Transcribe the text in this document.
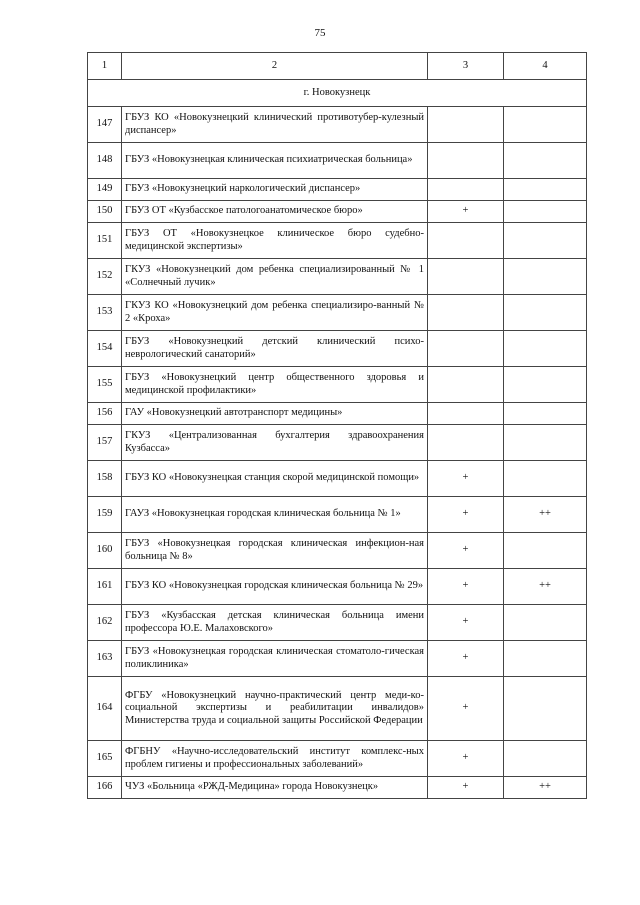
75
1	2	3	4
г. Новокузнецк			
147	ГБУЗ КО «Новокузнецкий клинический противотубер-кулезный диспансер»		
148	ГБУЗ «Новокузнецкая клиническая психиатрическая больница»		
149	ГБУЗ «Новокузнецкий наркологический диспансер»		
150	ГБУЗ ОТ «Кузбасское патологоанатомическое бюро»	+	
151	ГБУЗ ОТ «Новокузнецкое клиническое бюро судебно-медицинской экспертизы»		
152	ГКУЗ «Новокузнецкий дом ребенка специализированный № 1 «Солнечный лучик»		
153	ГКУЗ КО «Новокузнецкий дом ребенка специализиро-ванный № 2 «Кроха»		
154	ГБУЗ «Новокузнецкий детский клинический психо-неврологический санаторий»		
155	ГБУЗ «Новокузнецкий центр общественного здоровья и медицинской профилактики»		
156	ГАУ «Новокузнецкий автотранспорт медицины»		
157	ГКУЗ «Централизованная бухгалтерия здравоохранения Кузбасса»		
158	ГБУЗ КО «Новокузнецкая станция скорой медицинской помощи»	+	
159	ГАУЗ «Новокузнецкая городская клиническая больница № 1»	+	++
160	ГБУЗ «Новокузнецкая городская клиническая инфекцион-ная больница № 8»	+	
161	ГБУЗ КО «Новокузнецкая городская клиническая больница № 29»	+	++
162	ГБУЗ «Кузбасская детская клиническая больница имени профессора Ю.Е. Малаховского»	+	
163	ГБУЗ «Новокузнецкая городская клиническая стоматоло-гическая поликлиника»	+	
164	ФГБУ «Новокузнецкий научно-практический центр меди-ко-социальной экспертизы и реабилитации инвалидов» Министерства труда и социальной защиты Российской Федерации	+	
165	ФГБНУ «Научно-исследовательский институт комплекс-ных проблем гигиены и профессиональных заболеваний»	+	
166	ЧУЗ «Больница «РЖД-Медицина» города Новокузнецк»	+	++
